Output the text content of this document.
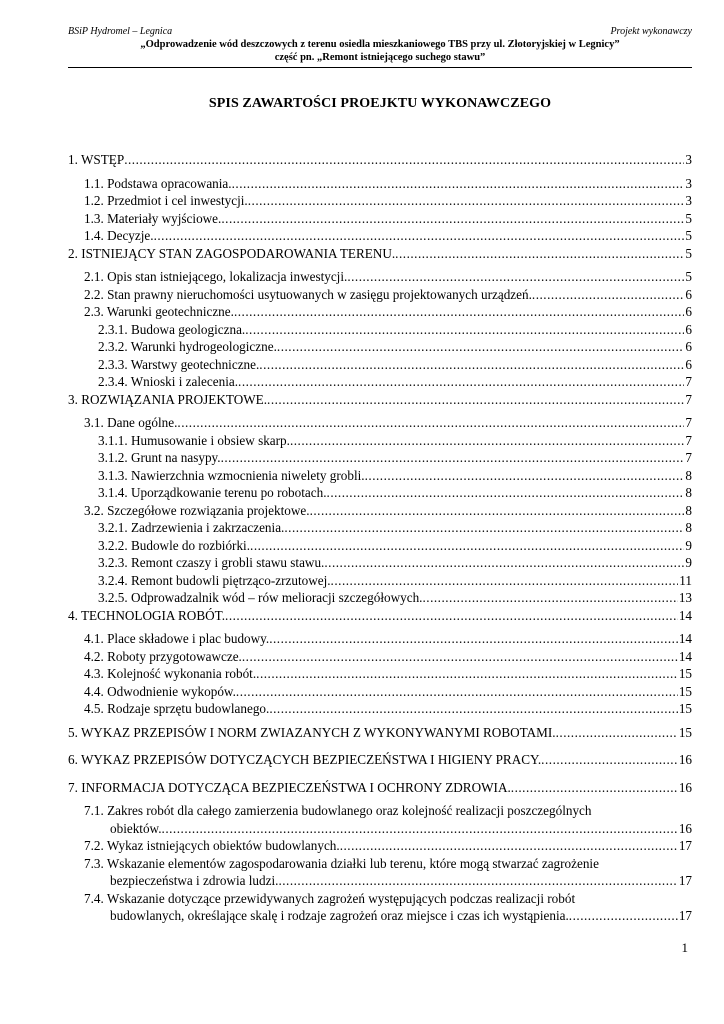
BSiP Hydromel – Legnica	Projekt wykonawczy
„Odprowadzenie wód deszczowych z terenu osiedla mieszkaniowego TBS przy ul. Złotoryjskiej w Legnicy”
część pn. „Remont istniejącego suchego stawu”
SPIS ZAWARTOŚCI PROEJKTU WYKONAWCZEGO
1. WSTĘP .....	3
1.1. Podstawa opracowania. .....	3
1.2. Przedmiot i cel inwestycji. .....	3
1.3. Materiały wyjściowe. .....	5
1.4. Decyzje. .....	5
2. ISTNIEJĄCY STAN ZAGOSPODAROWANIA TERENU. .....	5
2.1. Opis stan istniejącego, lokalizacja inwestycji. .....	5
2.2. Stan prawny nieruchomości usytuowanych w zasięgu projektowanych urządzeń. .....	6
2.3. Warunki geotechniczne. .....	6
2.3.1. Budowa geologiczna. .....	6
2.3.2. Warunki hydrogeologiczne. .....	6
2.3.3. Warstwy geotechniczne. .....	6
2.3.4. Wnioski i zalecenia. .....	7
3. ROZWIĄZANIA PROJEKTOWE. .....	7
3.1. Dane ogólne. .....	7
3.1.1. Humusowanie i obsiew skarp. .....	7
3.1.2. Grunt na nasypy. .....	7
3.1.3. Nawierzchnia wzmocnienia niwelety grobli. .....	8
3.1.4. Uporządkowanie terenu po robotach. .....	8
3.2. Szczegółowe rozwiązania projektowe. .....	8
3.2.1. Zadrzewienia i zakrzaczenia. .....	8
3.2.2. Budowle do rozbiórki. .....	9
3.2.3. Remont czaszy i grobli stawu stawu. .....	9
3.2.4. Remont budowli piętrząco-zrzutowej. .....	11
3.2.5. Odprowadzalnik wód – rów melioracji szczegółowych. .....	13
4. TECHNOLOGIA ROBÓT. .....	14
4.1. Place składowe i plac budowy. .....	14
4.2. Roboty przygotowawcze. .....	14
4.3. Kolejność wykonania robót. .....	15
4.4. Odwodnienie wykopów. .....	15
4.5. Rodzaje sprzętu budowlanego. .....	15
5. WYKAZ PRZEPISÓW I NORM ZWIAZANYCH Z WYKONYWANYMI ROBOTAMI. .....	15
6. WYKAZ PRZEPISÓW DOTYCZĄCYCH BEZPIECZEŃSTWA I HIGIENY PRACY. .....	16
7. INFORMACJA DOTYCZĄCA BEZPIECZEŃSTWA I OCHRONY ZDROWIA. .....	16
7.1. Zakres robót dla całego zamierzenia budowlanego oraz kolejność realizacji poszczególnych
obiektów. .....	16
7.2. Wykaz istniejących obiektów budowlanych. .....	17
7.3. Wskazanie elementów zagospodarowania działki lub terenu, które mogą stwarzać zagrożenie
bezpieczeństwa i zdrowia ludzi. .....	17
7.4. Wskazanie dotyczące przewidywanych zagrożeń występujących podczas realizacji robót
budowlanych, określające skalę i rodzaje zagrożeń oraz miejsce i czas ich wystąpienia. .....	17
1
